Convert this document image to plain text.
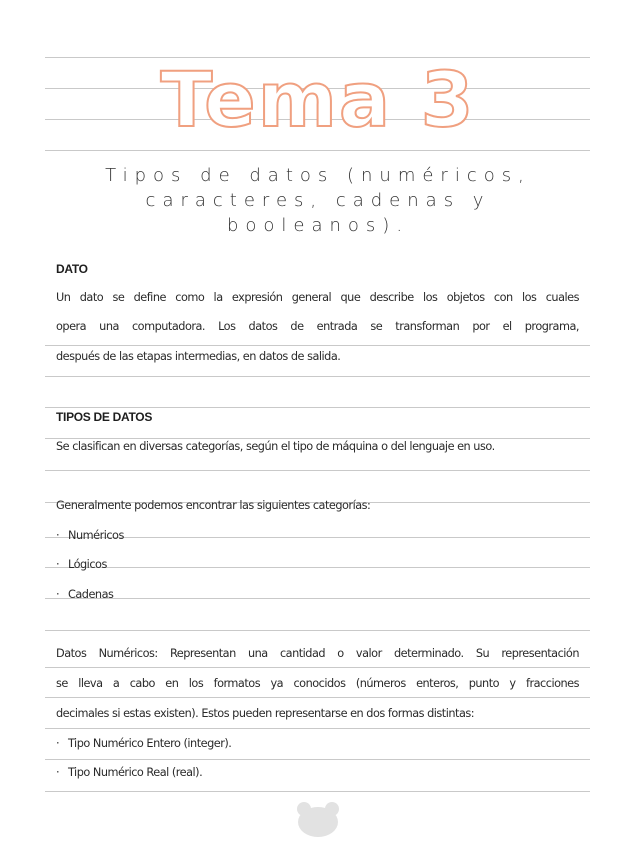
Tema 3
Tipos de datos (numéricos, caracteres, cadenas y booleanos).
DATO
Un dato se define como la expresión general que describe los objetos con los cuales
opera una computadora. Los datos de entrada se transforman por el programa,
después de las etapas intermedias, en datos de salida.
TIPOS DE DATOS
Se clasifican en diversas categorías, según el tipo de máquina o del lenguaje en uso.
Generalmente podemos encontrar las siguientes categorías:
· Numéricos
· Lógicos
· Cadenas
Datos Numéricos: Representan una cantidad o valor determinado. Su representación
se lleva a cabo en los formatos ya conocidos (números enteros, punto y fracciones
decimales si estas existen). Estos pueden representarse en dos formas distintas:
· Tipo Numérico Entero (integer).
· Tipo Numérico Real (real).
